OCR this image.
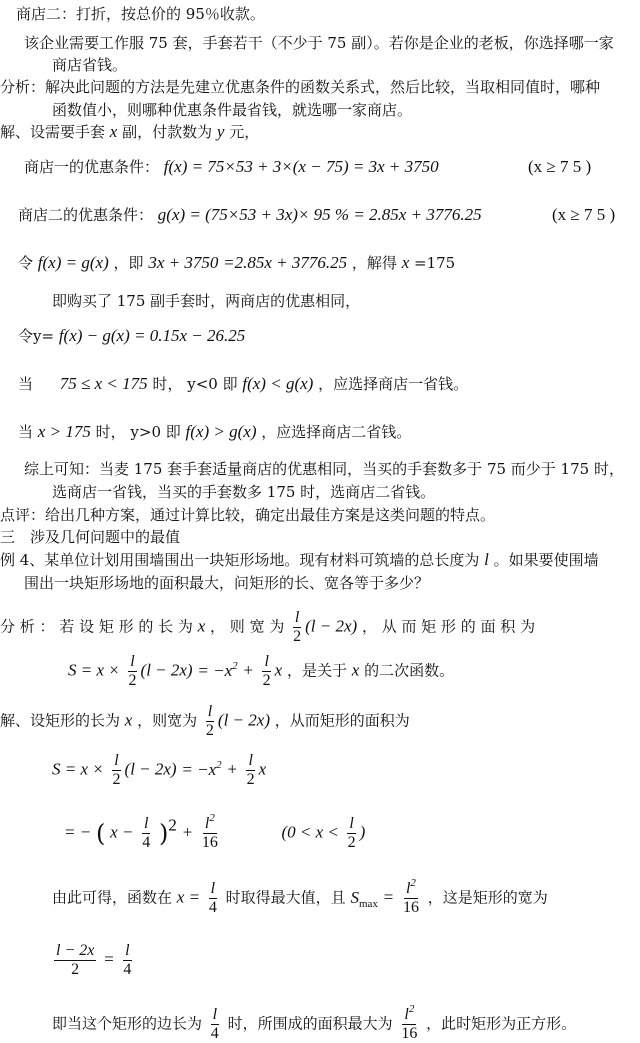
商店二：打折，按总价的 95％收款。
该企业需要工作服 75 套，手套若干（不少于 75 副）。若你是企业的老板，你选择哪一家
商店省钱。
分析：解决此问题的方法是先建立优惠条件的函数关系式，然后比较，当取相同值时，哪种
函数值小，则哪种优惠条件最省钱，就选哪一家商店。
解、设需要手套 x 副，付款数为 y 元，
商店一的优惠条件： f(x) = 75×53 + 3×(x − 75) = 3x + 3750	(x ≥ 7 5 )
商店二的优惠条件： g(x) = (75×53 + 3x)× 95 % = 2.85x + 3776.25	(x ≥ 7 5 )
令 f(x) = g(x) ，即 3x + 3750 =2.85x + 3776.25 ，解得 x =175
即购买了 175 副手套时，两商店的优惠相同，
令y= f(x) − g(x) = 0.15x − 26.25
当 75 ≤ x < 175 时， y<0 即 f(x) < g(x) ，应选择商店一省钱。
当 x > 175 时， y>0 即 f(x) > g(x) ，应选择商店二省钱。
综上可知：当麦 175 套手套适量商店的优惠相同，当买的手套数多于 75 而少于 175 时，
选商店一省钱，当买的手套数多 175 时，选商店二省钱。
点评：给出几种方案，通过计算比较，确定出最佳方案是这类问题的特点。
三　涉及几何问题中的最值
例 4、某单位计划用围墙围出一块矩形场地。现有材料可筑墙的总长度为 l 。如果要使围墙
围出一块矩形场地的面积最大，问矩形的长、宽各等于多少？
分 析 ： 若 设 矩 形 的 长 为 x ， 则 宽 为 $\frac{l}{2} (l - 2x)$ ， 从 而 矩 形 的 面 积 为
$S = x \times \frac{l}{2} (l - 2x) = -x^2 + \frac{l}{2}$ x ，是关于 x 的二次函数。
解、设矩形的长为 x ，则宽为 $\frac{l}{2} (l - 2x)$ ，从而矩形的面积为
$S = x \times \frac{l}{2} (l - 2x) = -x^2 + \frac{l}{2}$ x
= − ( $x - \frac{l}{4} )^2 + \frac{l^2}{16}$	($0 < x < \frac{l}{2}$ )
由此可得，函数在 $x = \frac{l}{4}$ 时取得最大值，且 $S_{max} = \frac{l^2}{16}$ ，这是矩形的宽为
$\frac{l - 2x}{2} = \frac{l}{4}$
即当这个矩形的边长为 $\frac{l}{4}$ 时，所围成的面积最大为 $\frac{l^2}{16}$ ，此时矩形为正方形。
